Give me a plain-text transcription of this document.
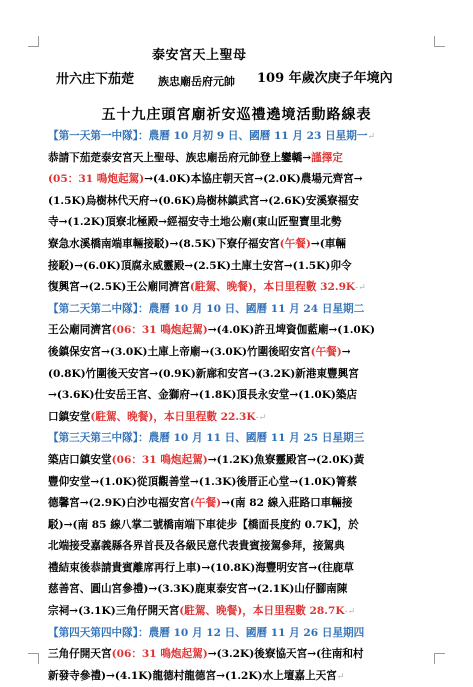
泰安宮天上聖母
卅六庄下茄萣 族忠廟岳府元帥 109 年歲次庚子年境內
五十九庄頭宮廟祈安巡禮遶境活動路線表
【第一天第一中隊】：農曆 10 月初 9 日、國曆 11 月 23 日星期一↵
恭請下茄萣泰安宮天上聖母、族忠廟岳府元帥登上鑾轎→謹擇定
(05：31 鳴炮起駕)→(4.0K)本協庄朝天宮→(2.0K)農場元齊宮→
(1.5K)烏樹林代天府→(0.6K)烏樹林鎮武宮→(2.6K)安溪寮福安
寺→(1.2K)頂寮北極殿→經福安寺土地公廟(東山匠聖寶里北勢
寮急水溪橋南端車輛接駁)→(8.5K)下寮仔福安宮(午餐)→(車輛
接駁)→(6.0K)頂腐永威靈殿→(2.5K)土庫土安宮→(1.5K)卯令
復興宮→(2.5K)王公廟同濟宮(駐駕、晚餐)，本日里程數 32.9K-↵
【第二天第二中隊】：農曆 10 月 10 日、國曆 11 月 24 日星期二
王公廟同濟宮(06：31 鳴炮起駕)→(4.0K)許丑埤資伽藍廟→(1.0K)
後鎮保安宮→(3.0K)土庫上帝廟→(3.0K)竹圍後昭安宮(午餐)→
(0.8K)竹圍後天安宮→(0.9K)新廍和安宮→(3.2K)新港東豐興宮
→(3.6K)仕安岳王宮、金獅府→(1.8K)頂長永安堂→(1.0K)築店
口鎮安堂(駐駕、晚餐)，本日里程數 22.3K-↵
【第三天第三中隊】：農曆 10 月 11 日、國曆 11 月 25 日星期三
築店口鎮安堂(06：31 鳴炮起駕)→(1.2K)魚寮靈殿宮→(2.0K)黃
豐仰安堂→(1.0K)從頂觀善堂→(1.3K)後厝正心堂→(1.0K)箐蔡
德馨宮→(2.9K)白沙屯福安宮(午餐)→(南 82 線入莊路口車輛接
駁)→(南 85 線八掌二號橋南端下車徒步【橋面長度約 0.7K】，於
北端接受嘉義縣各界首長及各級民意代表貴賓接駕參拜，接駕典
禮結束後恭請貴賓離席再行上車)→(10.8K)海豐明安宮→(往鹿草
慈善宮、圓山宮參禮)→(3.3K)鹿東泰安宮→(2.1K)山仔腳南陳
宗祠→(3.1K)三角仔開天宮(駐駕、晚餐)，本日里程數 28.7K-↵
【第四天第四中隊】：農曆 10 月 12 日、國曆 11 月 26 日星期四
三角仔開天宮(06：31 鳴炮起駕)→(3.2K)後寮協天宮→(往南和村
新發寺參禮)→(4.1K)龍德村龍德宮→(1.2K)水上壇嘉上天宮↵
